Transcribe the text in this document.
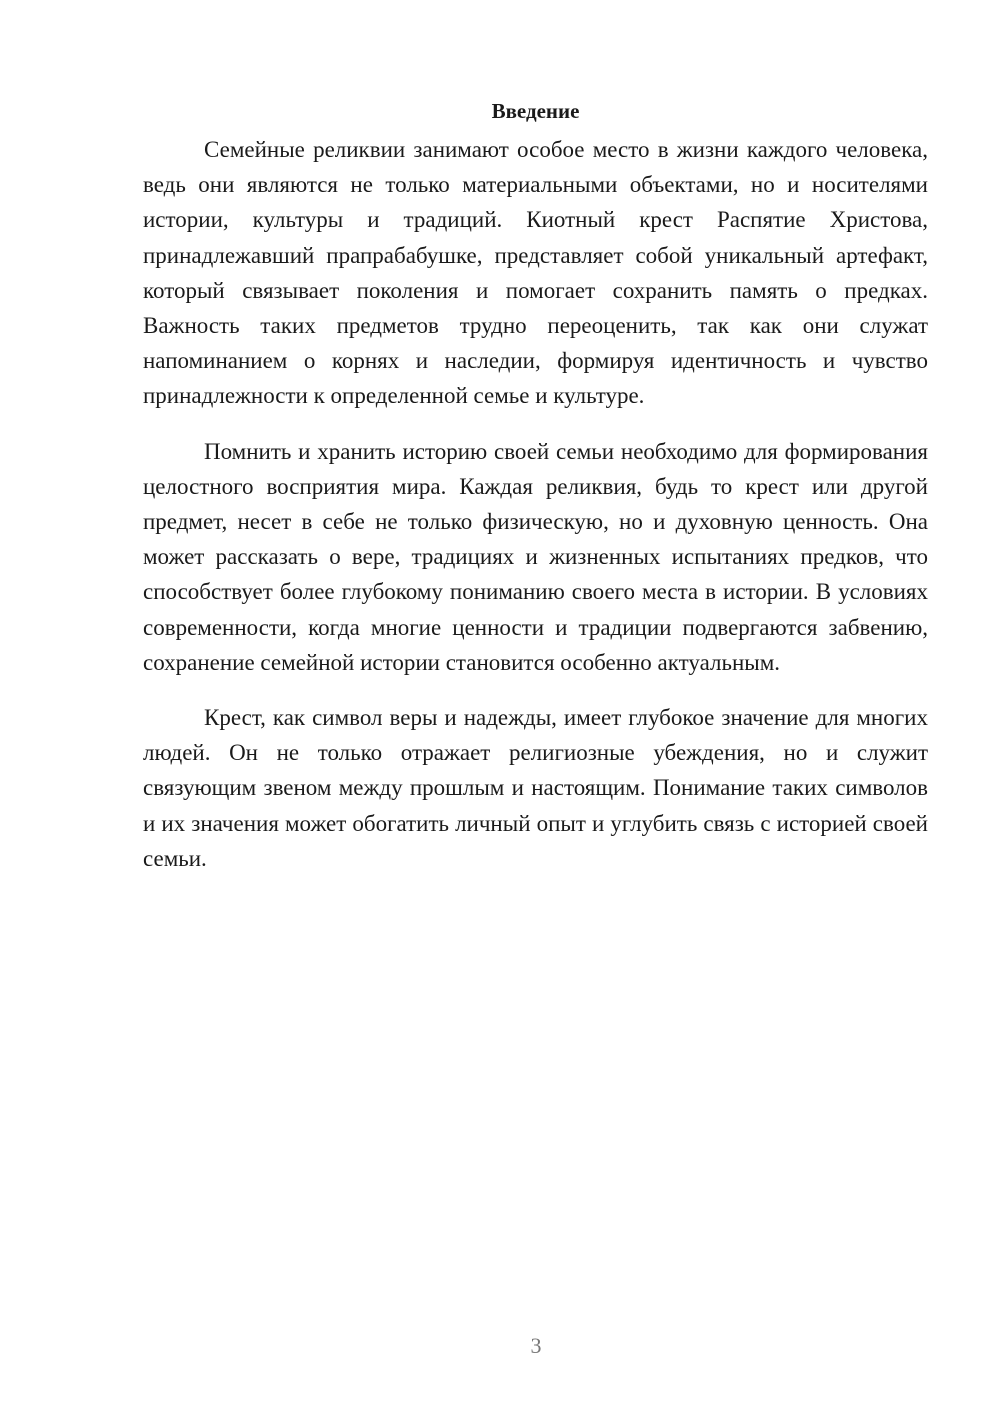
Введение

Семейные реликвии занимают особое место в жизни каждого человека, ведь они являются не только материальными объектами, но и носителями истории, культуры и традиций. Киотный крест Распятие Христова, принадлежавший прапрабабушке, представляет собой уникальный артефакт, который связывает поколения и помогает сохранить память о предках. Важность таких предметов трудно переоценить, так как они служат напоминанием о корнях и наследии, формируя идентичность и чувство принадлежности к определенной семье и культуре.

Помнить и хранить историю своей семьи необходимо для формирования целостного восприятия мира. Каждая реликвия, будь то крест или другой предмет, несет в себе не только физическую, но и духовную ценность. Она может рассказать о вере, традициях и жизненных испытаниях предков, что способствует более глубокому пониманию своего места в истории. В условиях современности, когда многие ценности и традиции подвергаются забвению, сохранение семейной истории становится особенно актуальным.

Крест, как символ веры и надежды, имеет глубокое значение для многих людей. Он не только отражает религиозные убеждения, но и служит связующим звеном между прошлым и настоящим. Понимание таких символов и их значения может обогатить личный опыт и углубить связь с историей своей семьи.

3
